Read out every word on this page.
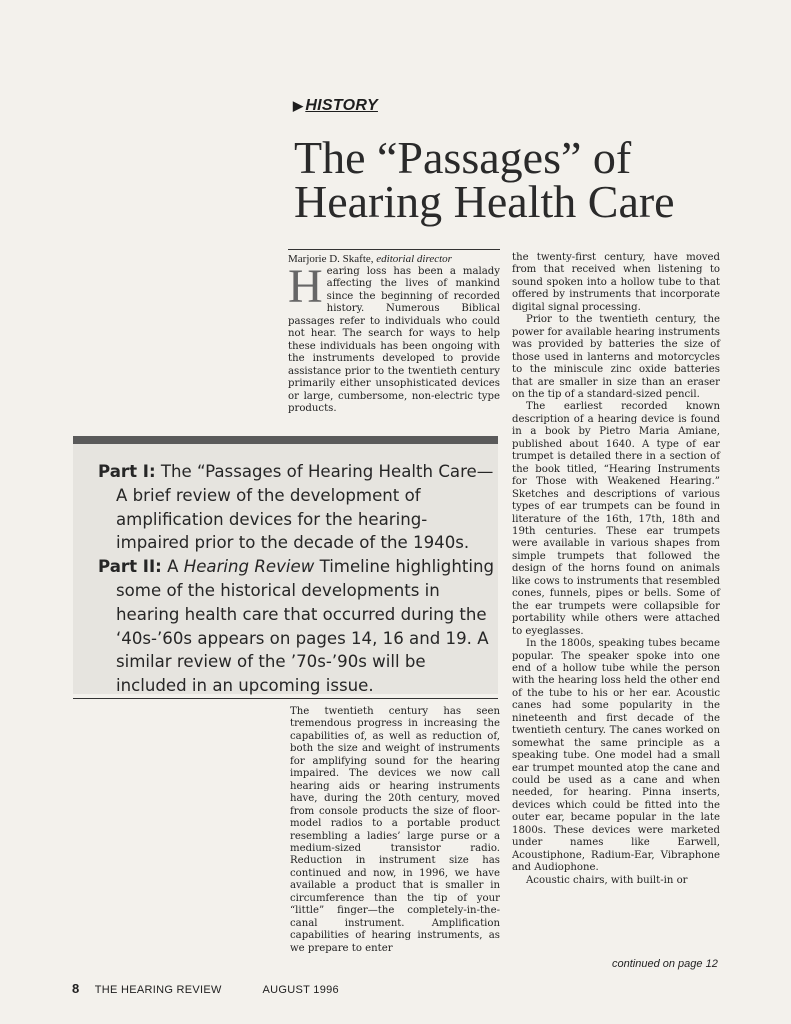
▶ HISTORY
The “Passages” of
Hearing Health Care
Marjorie D. Skafte, editorial director
H earing loss has been a malady affecting the lives of mankind since the beginning of recorded history. Numerous Biblical passages refer to individuals who could not hear. The search for ways to help these individuals has been ongoing with the instruments developed to provide assistance prior to the twentieth century primarily either unsophisticated devices or large, cumbersome, non-electric type products.

Part I: The “Passages of Hearing Health Care—A brief review of the development of amplification devices for the hearing-impaired prior to the decade of the 1940s.

Part II: A Hearing Review Timeline highlighting some of the historical developments in hearing health care that occurred during the ‘40s-’60s appears on pages 14, 16 and 19. A similar review of the ’70s-’90s will be included in an upcoming issue.

The twentieth century has seen tremendous progress in increasing the capabilities of, as well as reduction of, both the size and weight of instruments for amplifying sound for the hearing impaired. The devices we now call hearing aids or hearing instruments have, during the 20th century, moved from console products the size of floor-model radios to a portable product resembling a ladies’ large purse or a medium-sized transistor radio. Reduction in instrument size has continued and now, in 1996, we have available a product that is smaller in circumference than the tip of your “little” finger—the completely-in-the-canal instrument. Amplification capabilities of hearing instruments, as we prepare to enter

the twenty-first century, have moved from that received when listening to sound spoken into a hollow tube to that offered by instruments that incorporate digital signal processing.

Prior to the twentieth century, the power for available hearing instruments was provided by batteries the size of those used in lanterns and motorcycles to the miniscule zinc oxide batteries that are smaller in size than an eraser on the tip of a standard-sized pencil.

The earliest recorded known description of a hearing device is found in a book by Pietro Maria Amiane, published about 1640. A type of ear trumpet is detailed there in a section of the book titled, “Hearing Instruments for Those with Weakened Hearing.” Sketches and descriptions of various types of ear trumpets can be found in literature of the 16th, 17th, 18th and 19th centuries. These ear trumpets were available in various shapes from simple trumpets that followed the design of the horns found on animals like cows to instruments that resembled cones, funnels, pipes or bells. Some of the ear trumpets were collapsible for portability while others were attached to eyeglasses.

In the 1800s, speaking tubes became popular. The speaker spoke into one end of a hollow tube while the person with the hearing loss held the other end of the tube to his or her ear. Acoustic canes had some popularity in the nineteenth and first decade of the twentieth century. The canes worked on somewhat the same principle as a speaking tube. One model had a small ear trumpet mounted atop the cane and could be used as a cane and when needed, for hearing. Pinna inserts, devices which could be fitted into the outer ear, became popular in the late 1800s. These devices were marketed under names like Earwell, Acoustiphone, Radium-Ear, Vibraphone and Audiophone.

Acoustic chairs, with built-in or

continued on page 12
8 THE HEARING REVIEW	AUGUST 1996
